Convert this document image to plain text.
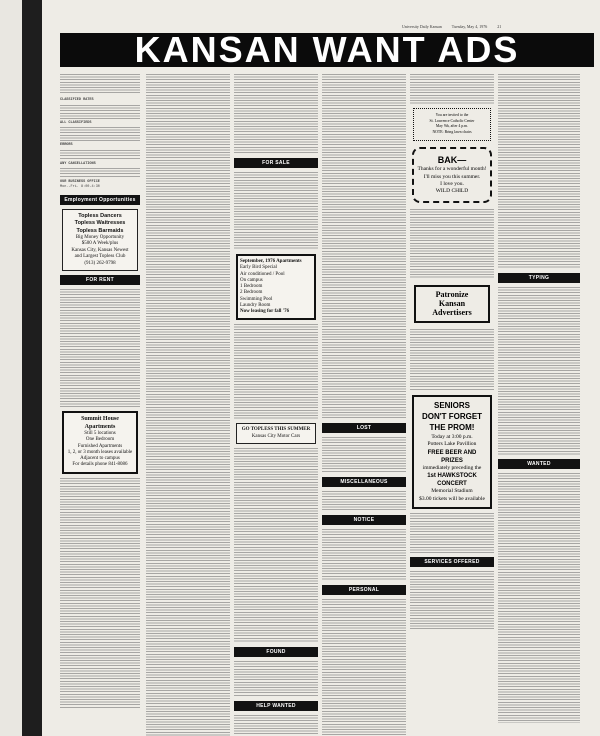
University Daily Kansan	Tuesday, May 4, 1976	21
KANSAN WANT ADS
CLASSIFIED RATES
ALL CLASSIFIEDS
ERRORS
ANY CANCELLATIONS
OUR BUSINESS OFFICE
Mon.-Fri. 8:00-4:30
Employment Opportunities
Topless Dancers
Topless Waitresses
Topless Barmaids
Big Money Opportunity
$500 A Week/plus
Kansas City, Kansas Newest
and Largest Topless Club
(913) 262-9798
FOR RENT
Summit House Apartments
Still 5 locations
One Bedroom
Furnished Apartments
1, 2, or 3 month leases available
Adjacent to campus
For details phone 841-8086
FOR SALE
September, 1976 Apartments
Early Bird Special
Air conditioned / Pool
On campus
1 Bedroom
2 Bedroom
Swimming Pool
Laundry Room
Now leasing for fall '76
GO TOPLESS THIS SUMMER
Kansas City Motor Cars
FOUND
HELP WANTED
LOST
MISCELLANEOUS
NOTICE
PERSONAL
You are invited to the
St. Lawrence Catholic Center
May 9th, after 4 p.m.
NOTE: Bring lawn chairs
BAK—
Thanks for a wonderful month!
I'll miss you this summer.
I love you.
WILD CHILD
Patronize
Kansan
Advertisers
SENIORS
DON'T FORGET THE PROM!
Today at 3:00 p.m.
Potters Lake Pavillion
FREE BEER AND PRIZES
immediately preceding the
1st HAWKSTOCK CONCERT
Memorial Stadium
$3.00 tickets will be available
SERVICES OFFERED
TYPING
WANTED
